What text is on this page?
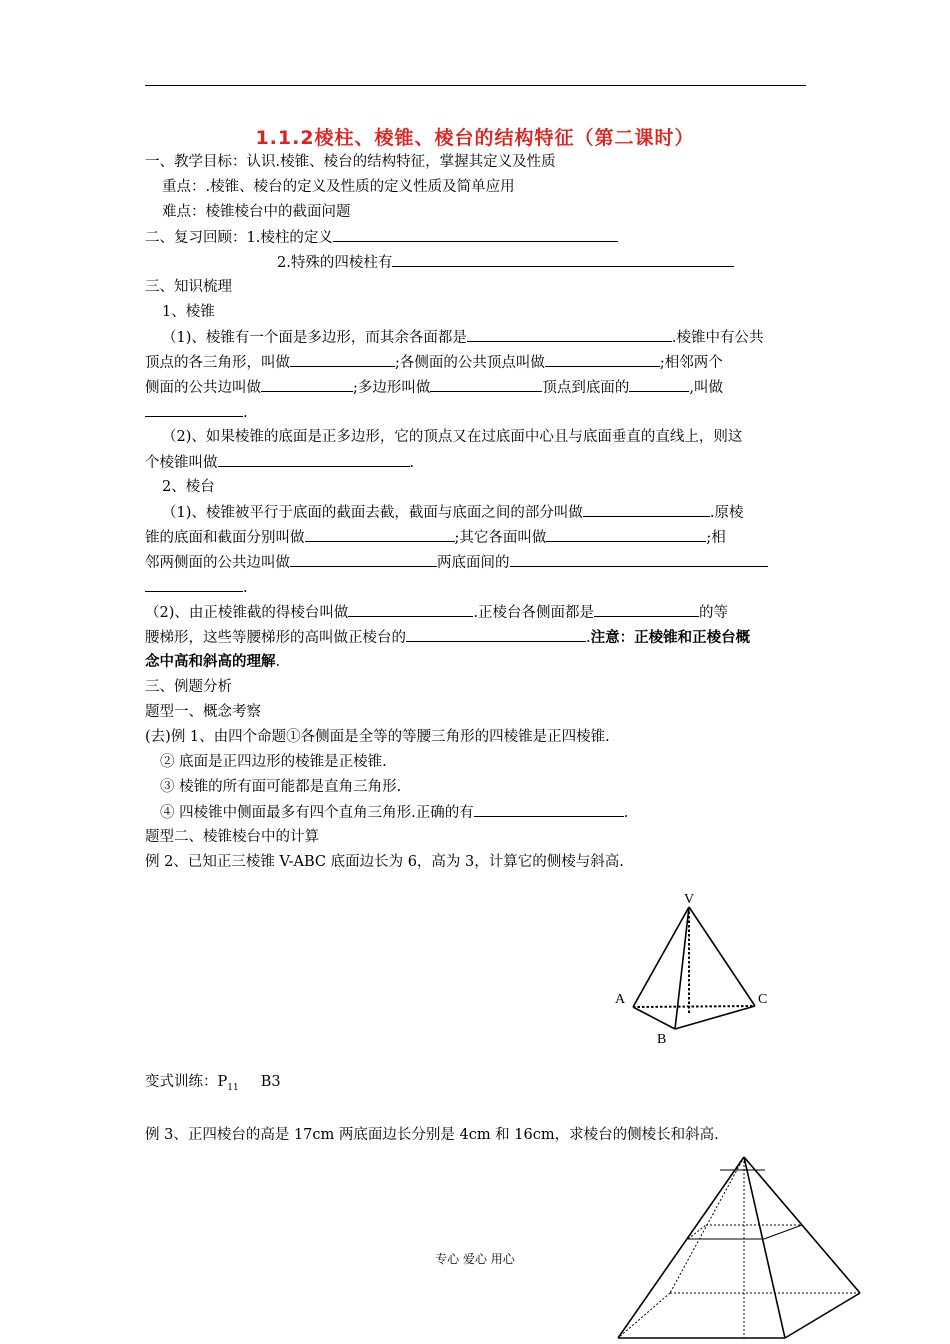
1.1.2棱柱、棱锥、棱台的结构特征（第二课时）
一、教学目标：认识.棱锥、棱台的结构特征，掌握其定义及性质
重点：.棱锥、棱台的定义及性质的定义性质及简单应用
难点：棱锥棱台中的截面问题
二、复习回顾：1.棱柱的定义
2.特殊的四棱柱有
三、知识梳理
1、棱锥
（1)、棱锥有一个面是多边形，而其余各面都是	.棱锥中有公共
顶点的各三角形，叫做	;各侧面的公共顶点叫做	;相邻两个
侧面的公共边叫做	;多边形叫做	顶点到底面的	,叫做
.
（2)、如果棱锥的底面是正多边形，它的顶点又在过底面中心且与底面垂直的直线上，则这
个棱锥叫做	.
2、棱台
（1)、棱锥被平行于底面的截面去截，截面与底面之间的部分叫做	.原棱
锥的底面和截面分别叫做	;其它各面叫做	;相
邻两侧面的公共边叫做	两底面间的
.
（2)、由正棱锥截的得棱台叫做	.正棱台各侧面都是	的等
腰梯形，这些等腰梯形的高叫做正棱台的	.注意：正棱锥和正棱台概
念中高和斜高的理解.
三、例题分析
题型一、概念考察
(去)例 1、由四个命题①各侧面是全等的等腰三角形的四棱锥是正四棱锥.
② 底面是正四边形的棱锥是正棱锥.
③ 棱锥的所有面可能都是直角三角形.
④ 四棱锥中侧面最多有四个直角三角形.正确的有	.
题型二、棱锥棱台中的计算
例 2、已知正三棱锥 V-ABC 底面边长为 6，高为 3，计算它的侧棱与斜高.
V
A
B
C
变式训练：$P_{11}$ B3
例 3、正四棱台的高是 17cm 两底面边长分别是 4cm 和 16cm，求棱台的侧棱长和斜高.
专心 爱心 用心
